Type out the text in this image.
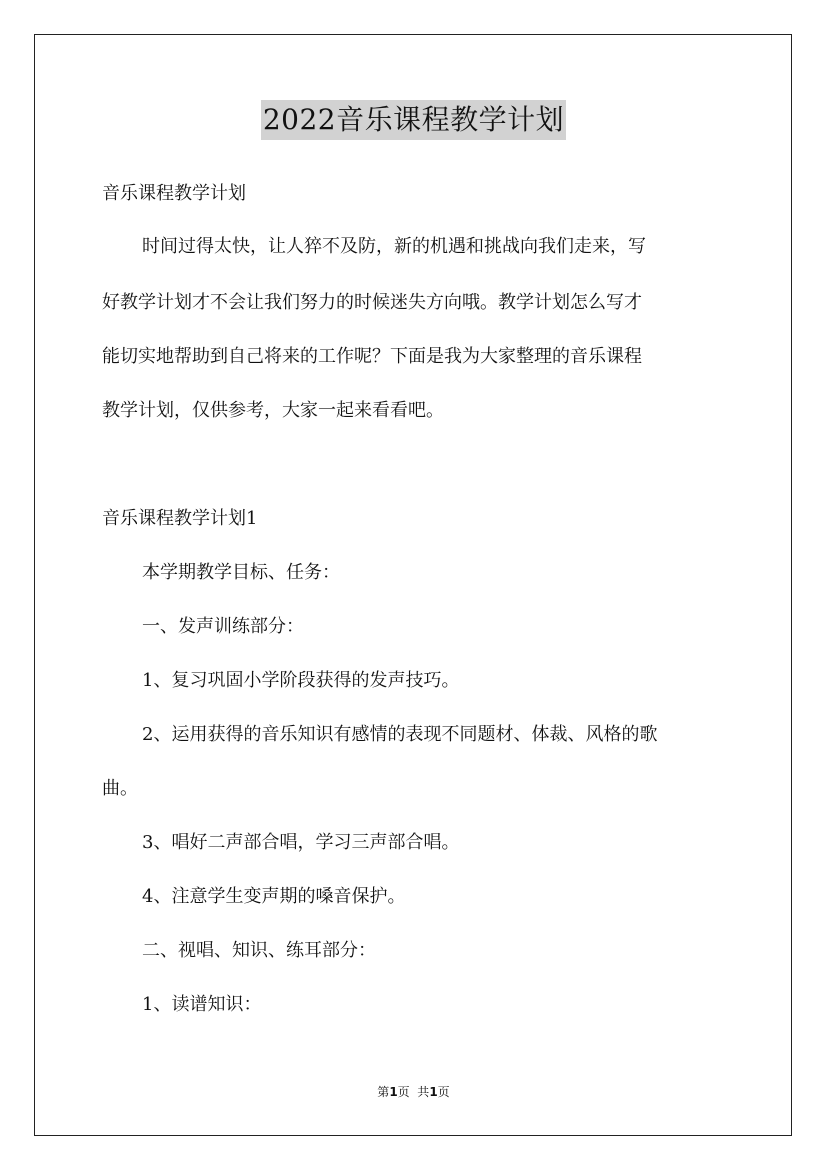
2022音乐课程教学计划
音乐课程教学计划
时间过得太快，让人猝不及防，新的机遇和挑战向我们走来，写
好教学计划才不会让我们努力的时候迷失方向哦。教学计划怎么写才
能切实地帮助到自己将来的工作呢？下面是我为大家整理的音乐课程
教学计划，仅供参考，大家一起来看看吧。
音乐课程教学计划1
本学期教学目标、任务：
一、发声训练部分：
1、复习巩固小学阶段获得的发声技巧。
2、运用获得的音乐知识有感情的表现不同题材、体裁、风格的歌
曲。
3、唱好二声部合唱，学习三声部合唱。
4、注意学生变声期的嗓音保护。
二、视唱、知识、练耳部分：
1、读谱知识：
第1页  共1页
